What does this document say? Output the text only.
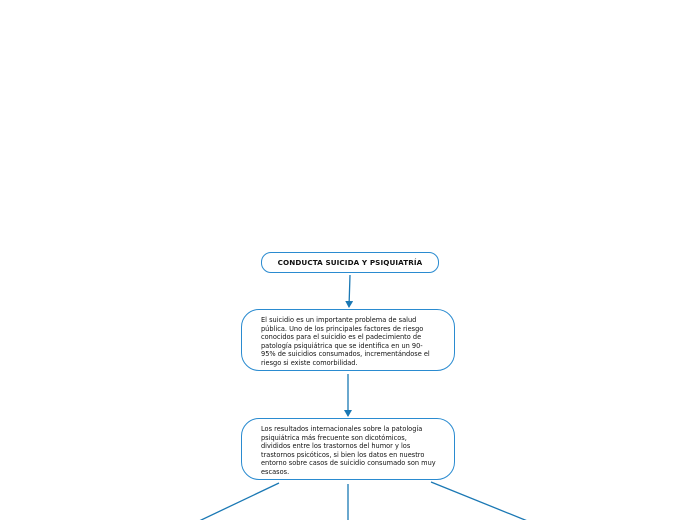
CONDUCTA SUICIDA Y PSIQUIATRÍA
El suicidio es un importante problema de salud pública. Uno de los principales factores de riesgo conocidos para el suicidio es el padecimiento de patología psiquiátrica que se identifica en un 90-95% de suicidios consumados, incrementándose el riesgo si existe comorbilidad.
Los resultados internacionales sobre la patología psiquiátrica más frecuente son dicotómicos, divididos entre los trastornos del humor y los trastornos psicóticos, si bien los datos en nuestro entorno sobre casos de suicidio consumado son muy escasos.
